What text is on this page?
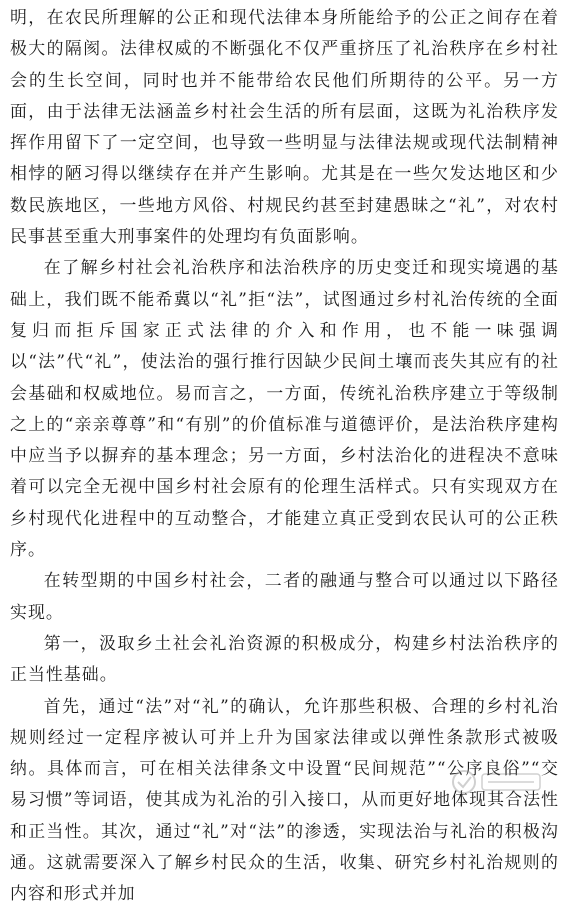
明，在农民所理解的公正和现代法律本身所能给予的公正之间存在着极大的隔阂。法律权威的不断强化不仅严重挤压了礼治秩序在乡村社会的生长空间，同时也并不能带给农民他们所期待的公平。另一方面，由于法律无法涵盖乡村社会生活的所有层面，这既为礼治秩序发挥作用留下了一定空间，也导致一些明显与法律法规或现代法制精神相悖的陋习得以继续存在并产生影响。尤其是在一些欠发达地区和少数民族地区，一些地方风俗、村规民约甚至封建愚昧之“礼”，对农村民事甚至重大刑事案件的处理均有负面影响。

在了解乡村社会礼治秩序和法治秩序的历史变迁和现实境遇的基础上，我们既不能希冀以“礼”拒“法”，试图通过乡村礼治传统的全面复归而拒斥国家正式法律的介入和作用，也不能一味强调以“法”代“礼”，使法治的强行推行因缺少民间土壤而丧失其应有的社会基础和权威地位。易而言之，一方面，传统礼治秩序建立于等级制之上的“亲亲尊尊”和“有别”的价值标准与道德评价，是法治秩序建构中应当予以摒弃的基本理念；另一方面，乡村法治化的进程决不意味着可以完全无视中国乡村社会原有的伦理生活样式。只有实现双方在乡村现代化进程中的互动整合，才能建立真正受到农民认可的公正秩序。

在转型期的中国乡村社会，二者的融通与整合可以通过以下路径实现。

第一，汲取乡土社会礼治资源的积极成分，构建乡村法治秩序的正当性基础。

首先，通过“法”对“礼”的确认，允许那些积极、合理的乡村礼治规则经过一定程序被认可并上升为国家法律或以弹性条款形式被吸纳。具体而言，可在相关法律条文中设置“民间规范”“公序良俗”“交易习惯”等词语，使其成为礼治的引入接口，从而更好地体现其合法性和正当性。其次，通过“礼”对“法”的渗透，实现法治与礼治的积极沟通。这就需要深入了解乡村民众的生活，收集、研究乡村礼治规则的内容和形式并加
